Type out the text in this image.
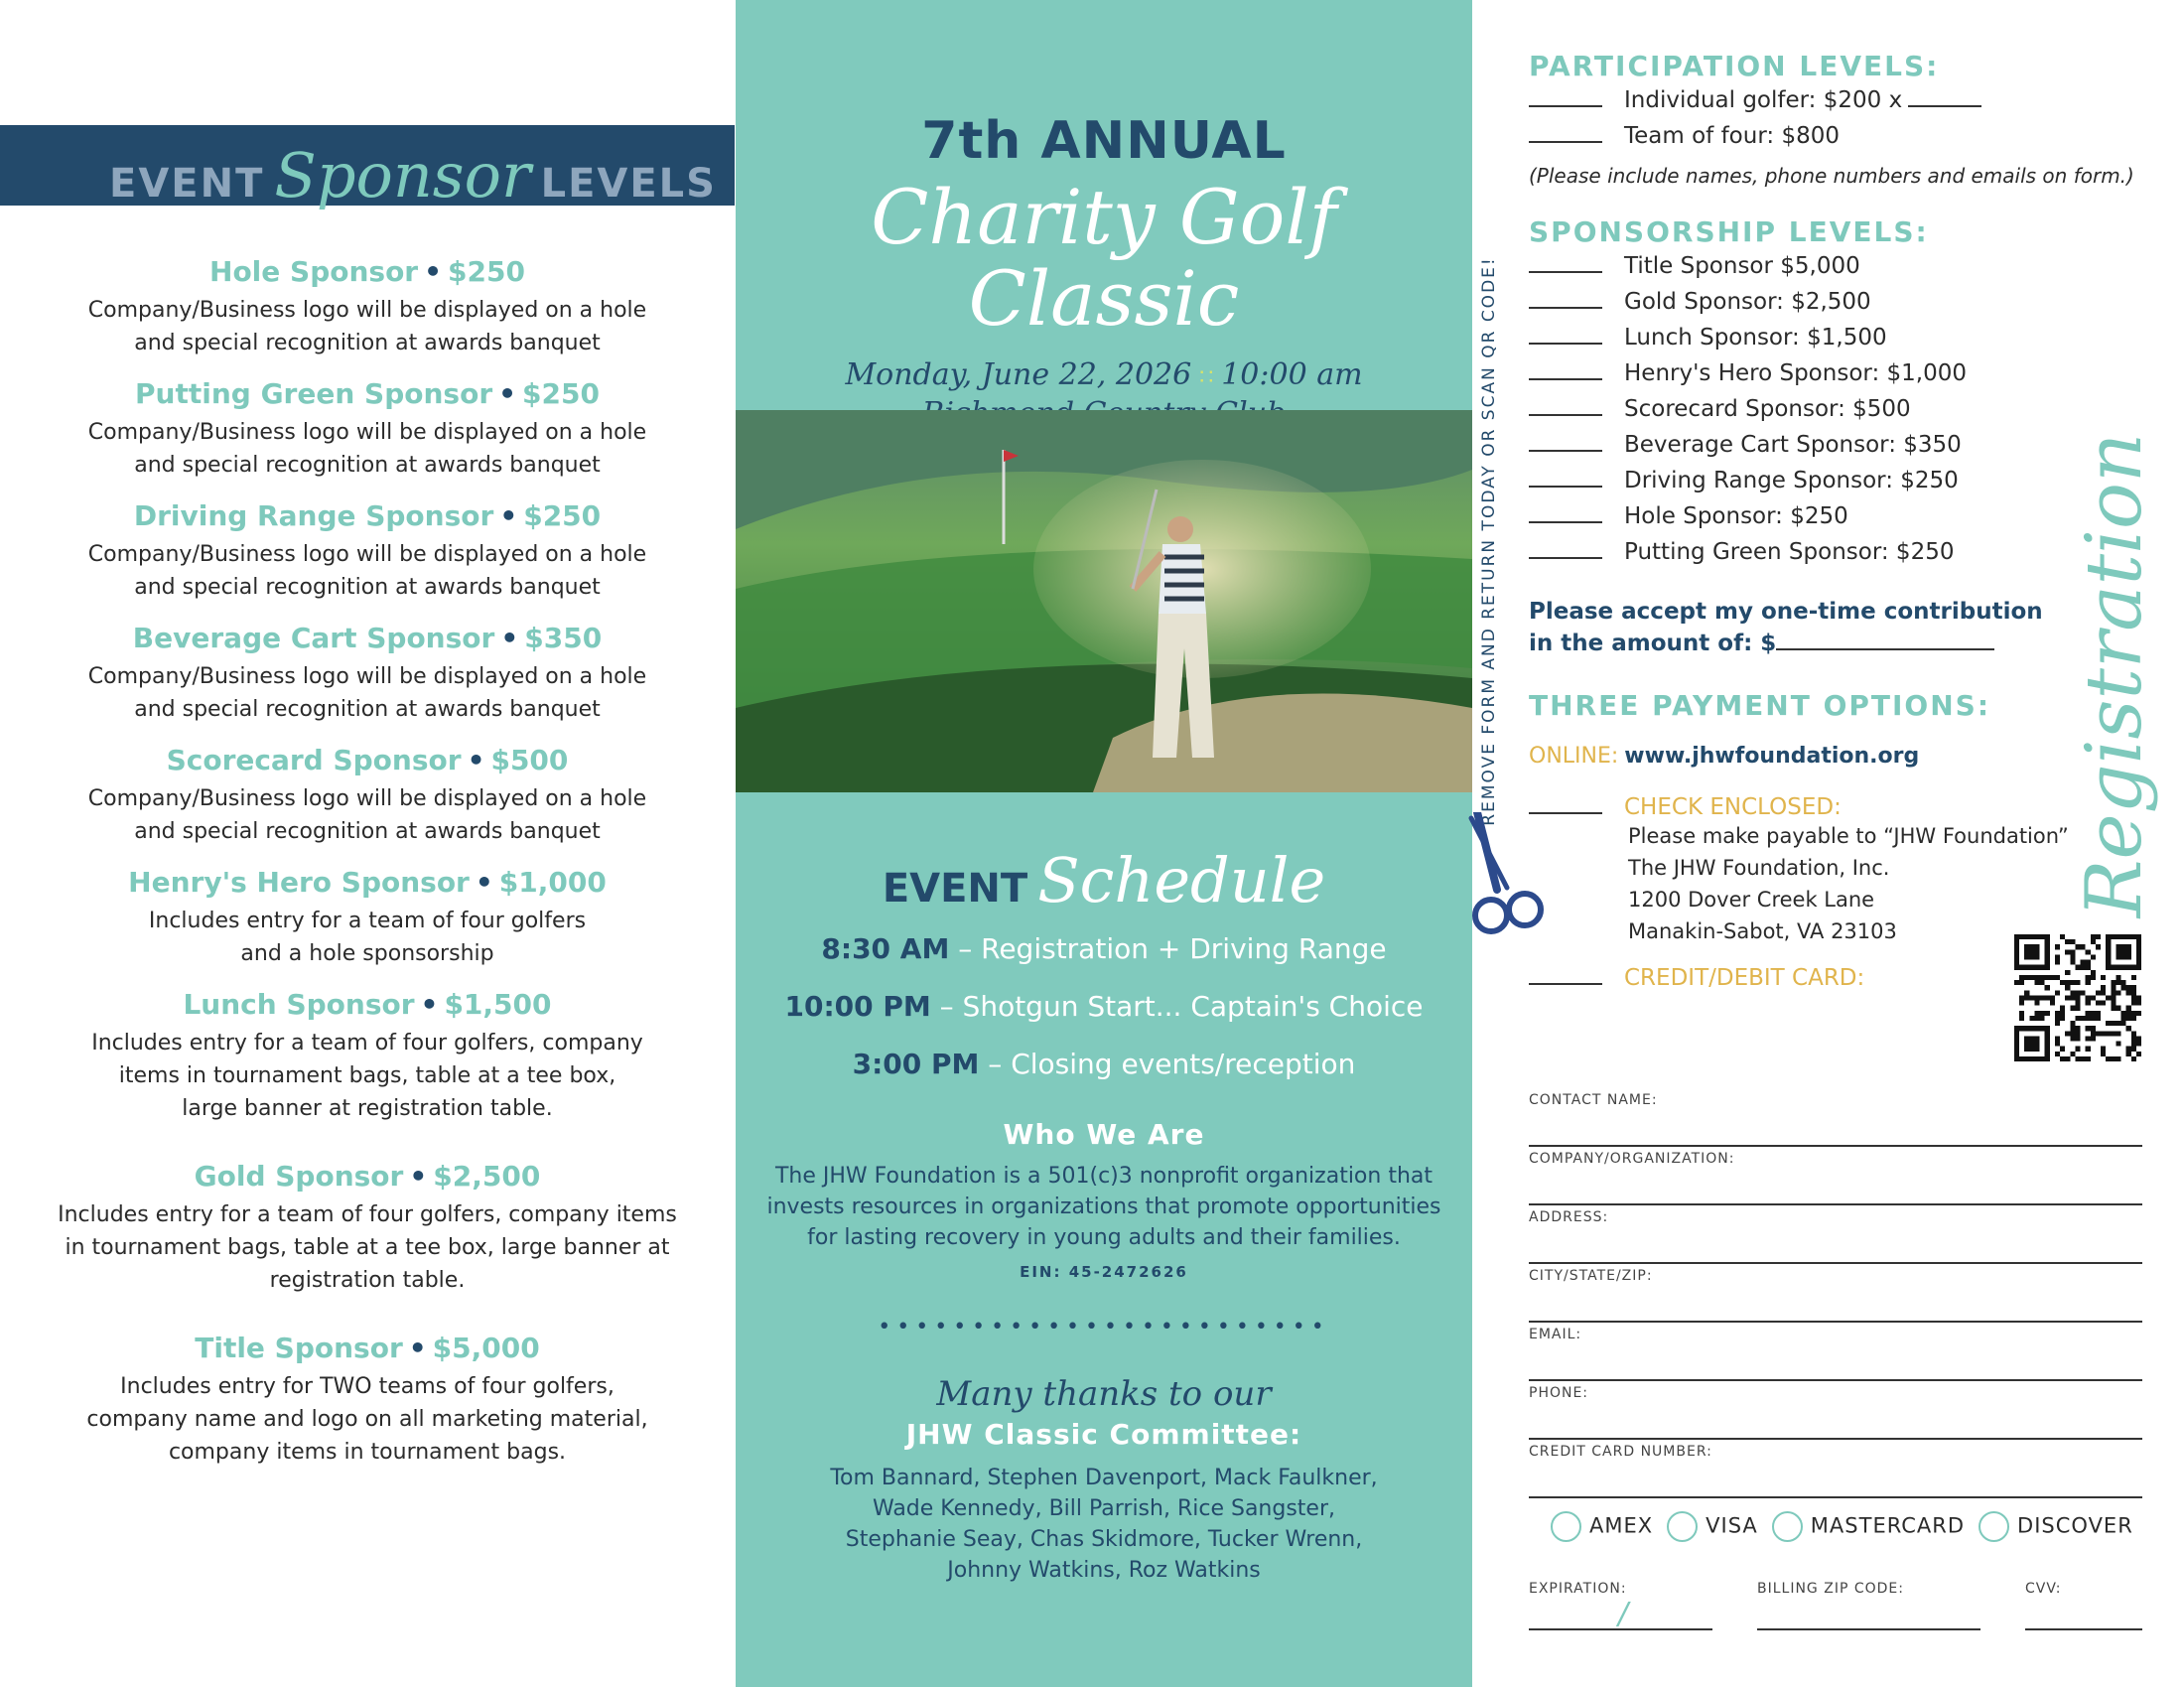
EVENT Sponsor LEVELS
Hole Sponsor • $250
Company/Business logo will be displayed on a hole
and special recognition at awards banquet
Putting Green Sponsor • $250
Company/Business logo will be displayed on a hole
and special recognition at awards banquet
Driving Range Sponsor • $250
Company/Business logo will be displayed on a hole
and special recognition at awards banquet
Beverage Cart Sponsor • $350
Company/Business logo will be displayed on a hole
and special recognition at awards banquet
Scorecard Sponsor • $500
Company/Business logo will be displayed on a hole
and special recognition at awards banquet
Henry's Hero Sponsor • $1,000
Includes entry for a team of four golfers
and a hole sponsorship
Lunch Sponsor • $1,500
Includes entry for a team of four golfers, company
items in tournament bags, table at a tee box,
large banner at registration table.
Gold Sponsor • $2,500
Includes entry for a team of four golfers, company items
in tournament bags, table at a tee box, large banner at
registration table.
Title Sponsor • $5,000
Includes entry for TWO teams of four golfers,
company name and logo on all marketing material,
company items in tournament bags.
7th ANNUAL
Charity Golf Classic
Monday, June 22, 2026 ∷ 10:00 am
EVENT Schedule
8:30 AM – Registration + Driving Range
10:00 PM – Shotgun Start... Captain's Choice
3:00 PM – Closing events/reception
Who We Are
The JHW Foundation is a 501(c)3 nonprofit organization that
invests resources in organizations that promote opportunities
for lasting recovery in young adults and their families.
EIN: 45-2472626
••••••••••••••••••••••••
Many thanks to our
JHW Classic Committee:
Tom Bannard, Stephen Davenport, Mack Faulkner,
Wade Kennedy, Bill Parrish, Rice Sangster,
Stephanie Seay, Chas Skidmore, Tucker Wrenn,
Johnny Watkins, Roz Watkins
REMOVE FORM AND RETURN TODAY OR SCAN QR CODE!	Registration
PARTICIPATION LEVELS:
Individual golfer: $200 x
Team of four: $800
(Please include names, phone numbers and emails on form.)
SPONSORSHIP LEVELS:
Title Sponsor $5,000
Gold Sponsor: $2,500
Lunch Sponsor: $1,500
Henry's Hero Sponsor: $1,000
Scorecard Sponsor: $500
Beverage Cart Sponsor: $350
Driving Range Sponsor: $250
Hole Sponsor: $250
Putting Green Sponsor: $250
Please accept my one-time contribution
in the amount of: $
THREE PAYMENT OPTIONS:
ONLINE: www.jhwfoundation.org
CHECK ENCLOSED:
Please make payable to “JHW Foundation”
The JHW Foundation, Inc.
1200 Dover Creek Lane
Manakin-Sabot, VA 23103
CREDIT/DEBIT CARD:
CONTACT NAME:
COMPANY/ORGANIZATION:
ADDRESS:
CITY/STATE/ZIP:
EMAIL:
PHONE:
CREDIT CARD NUMBER:
AMEX	VISA	MASTERCARD	DISCOVER
EXPIRATION:
/
BILLING ZIP CODE:	CVV:
